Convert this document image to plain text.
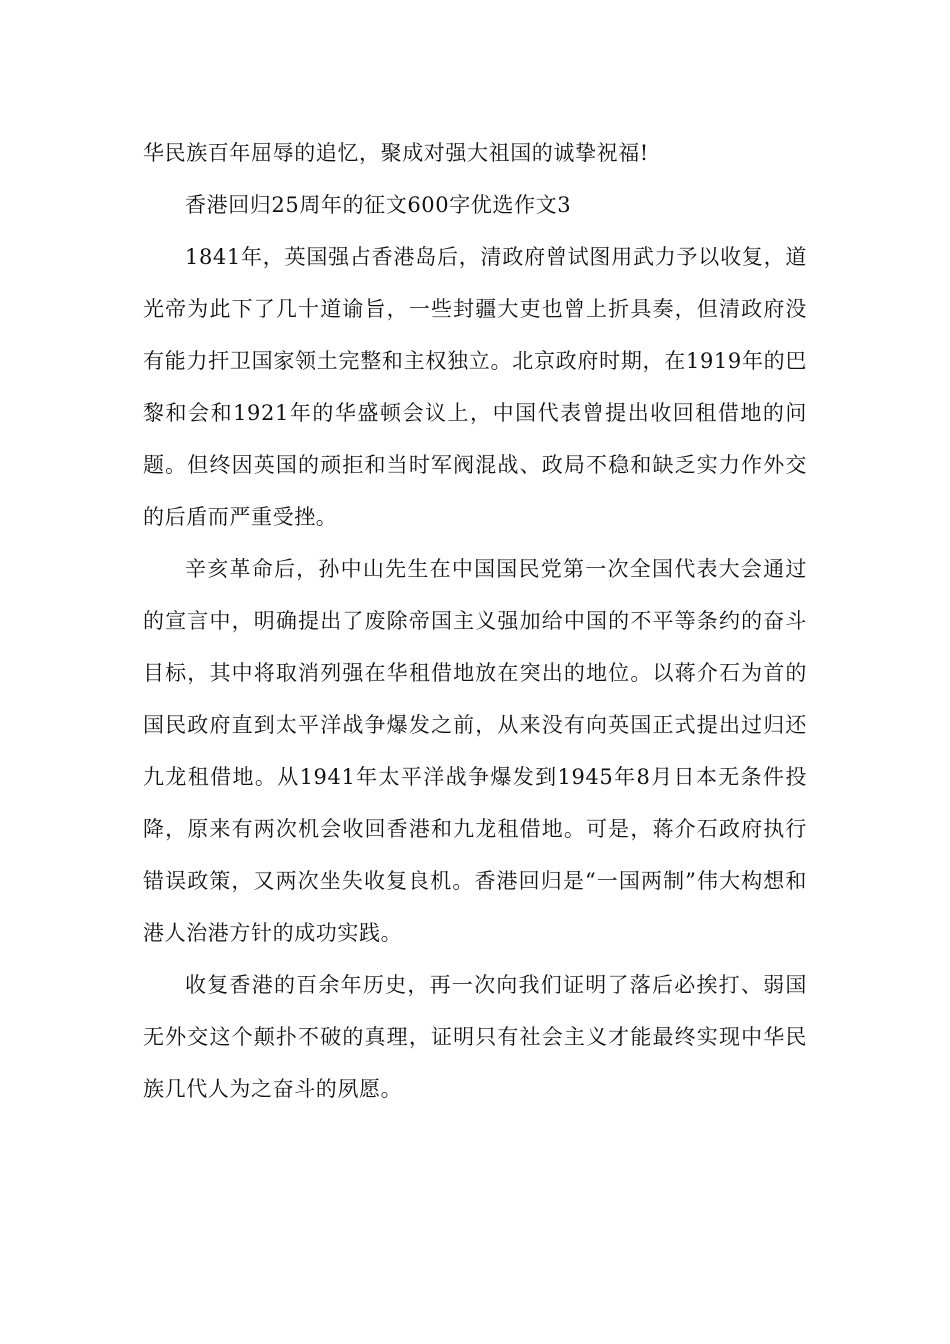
华民族百年屈辱的追忆，聚成对强大祖国的诚挚祝福!

香港回归25周年的征文600字优选作文3

1841年，英国强占香港岛后，清政府曾试图用武力予以收复，道光帝为此下了几十道谕旨，一些封疆大吏也曾上折具奏，但清政府没有能力扞卫国家领土完整和主权独立。北京政府时期，在1919年的巴黎和会和1921年的华盛顿会议上，中国代表曾提出收回租借地的问题。但终因英国的顽拒和当时军阀混战、政局不稳和缺乏实力作外交的后盾而严重受挫。

辛亥革命后，孙中山先生在中国国民党第一次全国代表大会通过的宣言中，明确提出了废除帝国主义强加给中国的不平等条约的奋斗目标，其中将取消列强在华租借地放在突出的地位。以蒋介石为首的国民政府直到太平洋战争爆发之前，从来没有向英国正式提出过归还九龙租借地。从1941年太平洋战争爆发到1945年8月日本无条件投降，原来有两次机会收回香港和九龙租借地。可是，蒋介石政府执行错误政策，又两次坐失收复良机。香港回归是“一国两制”伟大构想和港人治港方针的成功实践。

收复香港的百余年历史，再一次向我们证明了落后必挨打、弱国无外交这个颠扑不破的真理，证明只有社会主义才能最终实现中华民族几代人为之奋斗的夙愿。
